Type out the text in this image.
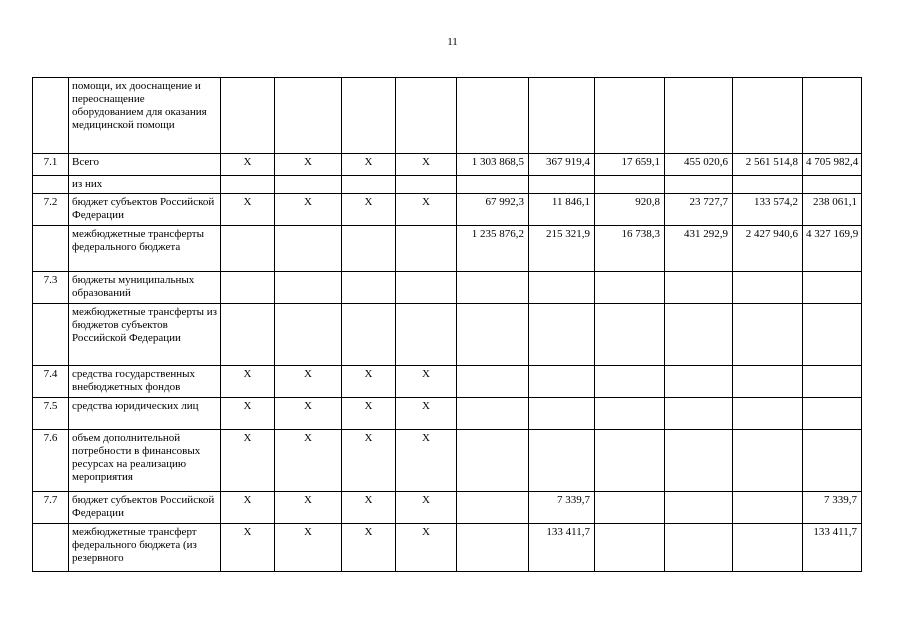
11
	помощи, их дооснащение и переоснащение оборудованием для оказания медицинской помощи										
7.1	Всего	X	X	X	X	1 303 868,5	367 919,4	17 659,1	455 020,6	2 561 514,8	4 705 982,4
	из них										
7.2	бюджет субъектов Российской Федерации	X	X	X	X	67 992,3	11 846,1	920,8	23 727,7	133 574,2	238 061,1
	межбюджетные трансферты федерального бюджета					1 235 876,2	215 321,9	16 738,3	431 292,9	2 427 940,6	4 327 169,9
7.3	бюджеты муниципальных образований										
	межбюджетные трансферты из бюджетов субъектов Российской Федерации										
7.4	средства государственных внебюджетных фондов	X	X	X	X						
7.5	средства юридических лиц	X	X	X	X						
7.6	объем дополнительной потребности в финансовых ресурсах на реализацию мероприятия	X	X	X	X						
7.7	бюджет субъектов Российской Федерации	X	X	X	X		7 339,7				7 339,7
	межбюджетные трансферт федерального бюджета (из резервного	X	X	X	X		133 411,7				133 411,7
